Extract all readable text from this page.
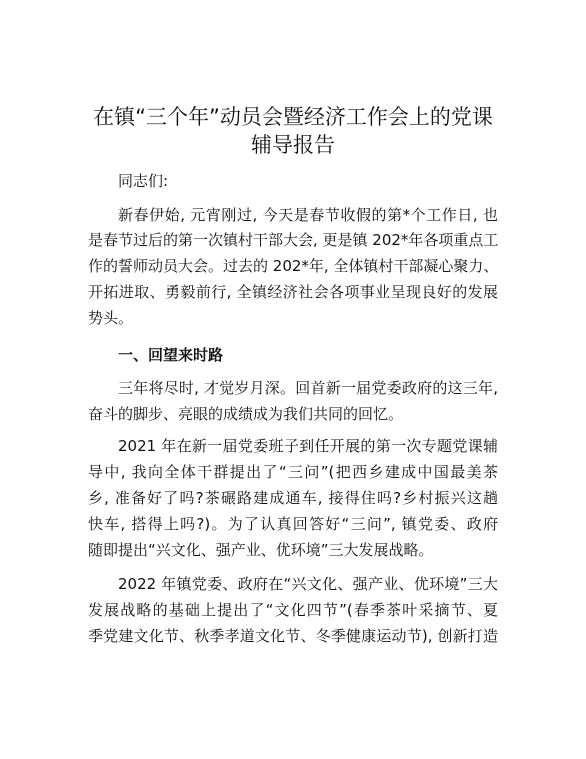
在镇“三个年”动员会暨经济工作会上的党课
辅导报告
同志们:
新春伊始, 元宵刚过, 今天是春节收假的第*个工作日, 也
是春节过后的第一次镇村干部大会, 更是镇 202*年各项重点工
作的誓师动员大会。过去的 202*年, 全体镇村干部凝心聚力、
开拓进取、勇毅前行, 全镇经济社会各项事业呈现良好的发展
势头。
一、回望来时路
三年将尽时, 才觉岁月深。回首新一届党委政府的这三年,
奋斗的脚步、亮眼的成绩成为我们共同的回忆。
2021 年在新一届党委班子到任开展的第一次专题党课辅
导中, 我向全体干群提出了“三问”(把西乡建成中国最美茶
乡, 准备好了吗?茶碾路建成通车, 接得住吗?乡村振兴这趟
快车, 搭得上吗?)。为了认真回答好“三问”, 镇党委、政府
随即提出“兴文化、强产业、优环境”三大发展战略。
2022 年镇党委、政府在“兴文化、强产业、优环境”三大
发展战略的基础上提出了“文化四节”(春季茶叶采摘节、夏
季党建文化节、秋季孝道文化节、冬季健康运动节), 创新打造
